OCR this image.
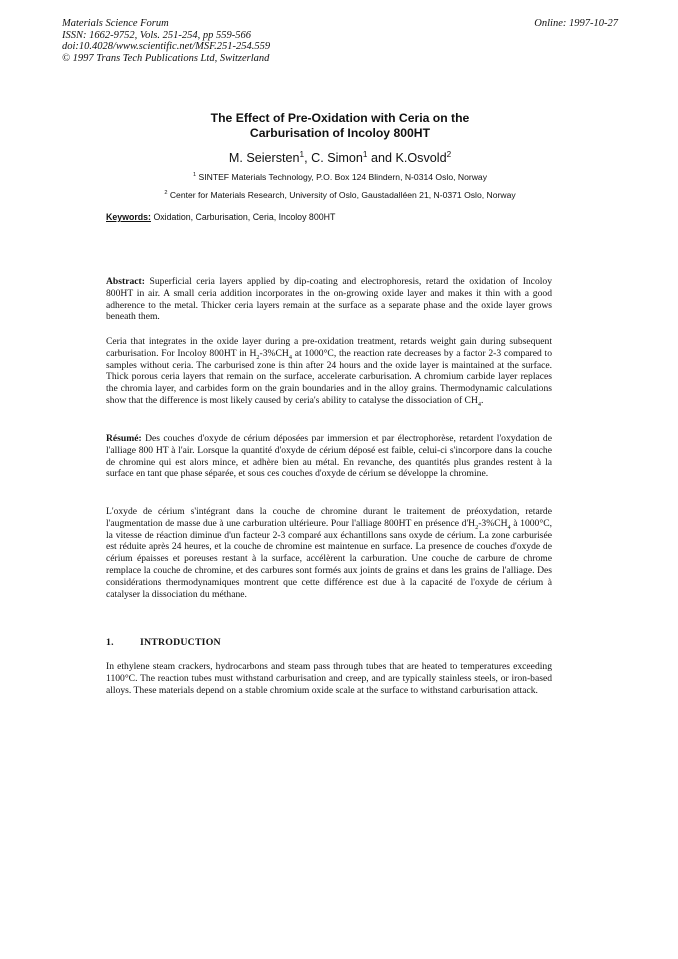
Materials Science Forum
ISSN: 1662-9752, Vols. 251-254, pp 559-566
doi:10.4028/www.scientific.net/MSF.251-254.559
© 1997 Trans Tech Publications Ltd, Switzerland
Online: 1997-10-27
The Effect of Pre-Oxidation with Ceria on the
Carburisation of Incoloy 800HT
M. Seiersten$^1$, C. Simon$^1$ and K.Osvold$^2$
$^1$ SINTEF Materials Technology, P.O. Box 124 Blindern, N-0314 Oslo, Norway
$^2$ Center for Materials Research, University of Oslo, Gaustadalléen 21, N-0371 Oslo, Norway
Keywords: Oxidation, Carburisation, Ceria, Incoloy 800HT

Abstract: Superficial ceria layers applied by dip-coating and electrophoresis, retard the oxidation of Incoloy 800HT in air. A small ceria addition incorporates in the on-growing oxide layer and makes it thin with a good adherence to the metal. Thicker ceria layers remain at the surface as a separate phase and the oxide layer grows beneath them.

Ceria that integrates in the oxide layer during a pre-oxidation treatment, retards weight gain during subsequent carburisation. For Incoloy 800HT in $H_2-3\%CH_4$ at 1000°C, the reaction rate decreases by a factor 2-3 compared to samples without ceria. The carburised zone is thin after 24 hours and the oxide layer is maintained at the surface. Thick porous ceria layers that remain on the surface, accelerate carburisation. A chromium carbide layer replaces the chromia layer, and carbides form on the grain boundaries and in the alloy grains. Thermodynamic calculations show that the difference is most likely caused by ceria's ability to catalyse the dissociation of $CH_4$.

Résumé: Des couches d'oxyde de cérium déposées par immersion et par électrophorèse, retardent l'oxydation de l'alliage 800 HT à l'air. Lorsque la quantité d'oxyde de cérium déposé est faible, celui-ci s'incorpore dans la couche de chromine qui est alors mince, et adhère bien au métal. En revanche, des quantités plus grandes restent à la surface en tant que phase séparée, et sous ces couches d'oxyde de cérium se développe la chromine.

L'oxyde de cérium s'intégrant dans la couche de chromine durant le traitement de préoxydation, retarde l'augmentation de masse due à une carburation ultérieure. Pour l'alliage 800HT en présence $d'H_2-3\%CH_4$ à 1000°C, la vitesse de réaction diminue d'un facteur 2-3 comparé aux échantillons sans oxyde de cérium. La zone carburisée est réduite après 24 heures, et la couche de chromine est maintenue en surface. La presence de couches d'oxyde de cérium épaisses et poreuses restant à la surface, accélèrent la carburation. Une couche de carbure de chrome remplace la couche de chromine, et des carbures sont formés aux joints de grains et dans les grains de l'alliage. Des considérations thermodynamiques montrent que cette différence est due à la capacité de l'oxyde de cérium à catalyser la dissociation du méthane.

1.	INTRODUCTION

In ethylene steam crackers, hydrocarbons and steam pass through tubes that are heated to temperatures exceeding 1100°C. The reaction tubes must withstand carburisation and creep, and are typically stainless steels, or iron-based alloys. These materials depend on a stable chromium oxide scale at the surface to withstand carburisation attack.
